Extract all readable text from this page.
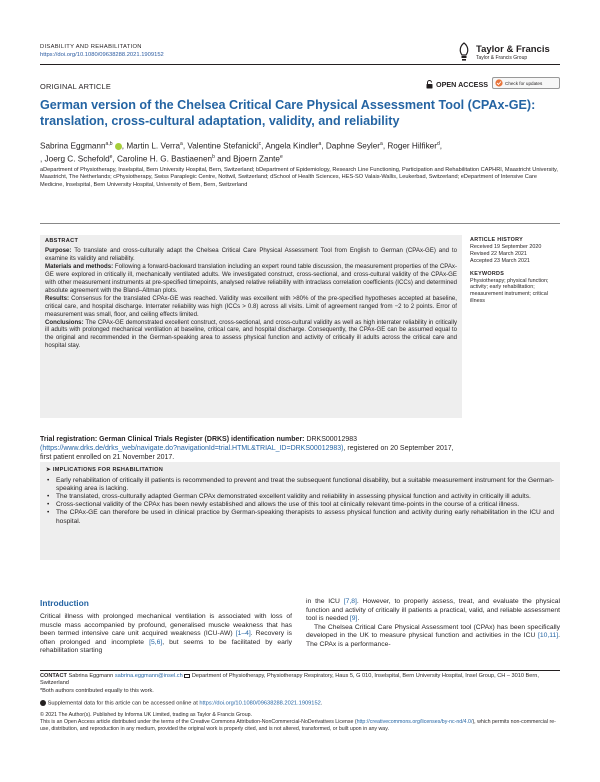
DISABILITY AND REHABILITATION
https://doi.org/10.1080/09638288.2021.1909152
Taylor & Francis
Taylor & Francis Group
ORIGINAL ARTICLE	OPEN ACCESS	Check for updates
German version of the Chelsea Critical Care Physical Assessment Tool (CPAx-GE): translation, cross-cultural adaptation, validity, and reliability
Sabrina Eggmann$^{a,b}$ , Martin L. Verra$^a$, Valentine Stefanicki$^c$, Angela Kindler$^a$, Daphne Seyler$^a$, Roger Hilfiker$^d$,
, Joerg C. Schefold$^e$, Caroline H. G. Bastiaenen$^b$ and Bjoern Zante$^e$
aDepartment of Physiotherapy, Inselspital, Bern University Hospital, Bern, Switzerland; bDepartment of Epidemiology, Research Line Functioning, Participation and Rehabilitation CAPHRI, Maastricht University, Maastricht, The Netherlands; cPhysiotherapy, Swiss Paraplegic Centre, Nottwil, Switzerland; dSchool of Health Sciences, HES-SO Valais-Wallis, Leukerbad, Switzerland; eDepartment of Intensive Care Medicine, Inselspital, Bern University Hospital, University of Bern, Bern, Switzerland
ABSTRACT

Purpose: To translate and cross-culturally adapt the Chelsea Critical Care Physical Assessment Tool from English to German (CPAx-GE) and to examine its validity and reliability.

Materials and methods: Following a forward-backward translation including an expert round table discussion, the measurement properties of the CPAx-GE were explored in critically ill, mechanically ventilated adults. We investigated construct, cross-sectional, and cross-cultural validity of the CPAx-GE with other measurement instruments at pre-specified timepoints, analysed relative reliability with intraclass correlation coefficients (ICCs) and determined absolute agreement with the Bland–Altman plots.

Results: Consensus for the translated CPAx-GE was reached. Validity was excellent with >80% of the pre-specified hypotheses accepted at baseline, critical care, and hospital discharge. Interrater reliability was high (ICCs > 0.8) across all visits. Limit of agreement ranged from −2 to 2 points. Error of measurement was small, floor, and ceiling effects limited.

Conclusions: The CPAx-GE demonstrated excellent construct, cross-sectional, and cross-cultural validity as well as high interrater reliability in critically ill adults with prolonged mechanical ventilation at baseline, critical care, and hospital discharge. Consequently, the CPAx-GE can be assumed equal to the original and recommended in the German-speaking area to assess physical function and activity of critically ill adults across the critical care and hospital stay.

ARTICLE HISTORY
Received 19 September 2020
Revised 22 March 2021
Accepted 23 March 2021
KEYWORDS
Physiotherapy; physical function; activity; early rehabilitation; measurement instrument; critical illness
Trial registration: German Clinical Trials Register (DRKS) identification number: DRKS00012983
(https://www.drks.de/drks_web/navigate.do?navigationId=trial.HTML&TRIAL_ID=DRKS00012983), registered on 20 September 2017, first patient enrolled on 21 November 2017.
➤ IMPLICATIONS FOR REHABILITATION
• Early rehabilitation of critically ill patients is recommended to prevent and treat the subsequent functional disability, but a suitable measurement instrument for the German-speaking area is lacking.
• The translated, cross-culturally adapted German CPAx demonstrated excellent validity and reliability in assessing physical function and activity in critically ill adults.
• Cross-sectional validity of the CPAx has been newly established and allows the use of this tool at clinically relevant time-points in the course of a critical illness.
• The CPAx-GE can therefore be used in clinical practice by German-speaking therapists to assess physical function and activity during early rehabilitation in the ICU and hospital.
Introduction
Critical illness with prolonged mechanical ventilation is associated with loss of muscle mass accompanied by profound, generalised muscle weakness that has been termed intensive care unit acquired weakness (ICU-AW) [1–4]. Recovery is often prolonged and incomplete [5,6], but seems to be facilitated by early rehabilitation starting

in the ICU [7,8]. However, to properly assess, treat, and evaluate the physical function and activity of critically ill patients a practical, valid, and reliable assessment tool is needed [9].

The Chelsea Critical Care Physical Assessment tool (CPAx) has been specifically developed in the UK to measure physical function and activities in the ICU [10,11]. The CPAx is a performance-

CONTACT Sabrina Eggmann sabrina.eggmann@insel.ch  Department of Physiotherapy, Physiotherapy Respiratory, Haus 5, G 010, Inselspital, Bern University Hospital, Insel Group, CH – 3010 Bern, Switzerland
*Both authors contributed equally to this work.
Supplemental data for this article can be accessed online at https://doi.org/10.1080/09638288.2021.1909152.
© 2021 The Author(s). Published by Informa UK Limited, trading as Taylor & Francis Group.
This is an Open Access article distributed under the terms of the Creative Commons Attribution-NonCommercial-NoDerivatives License (http://creativecommons.org/licenses/by-nc-nd/4.0/), which permits non-commercial re-use, distribution, and reproduction in any medium, provided the original work is properly cited, and is not altered, transformed, or built upon in any way.
